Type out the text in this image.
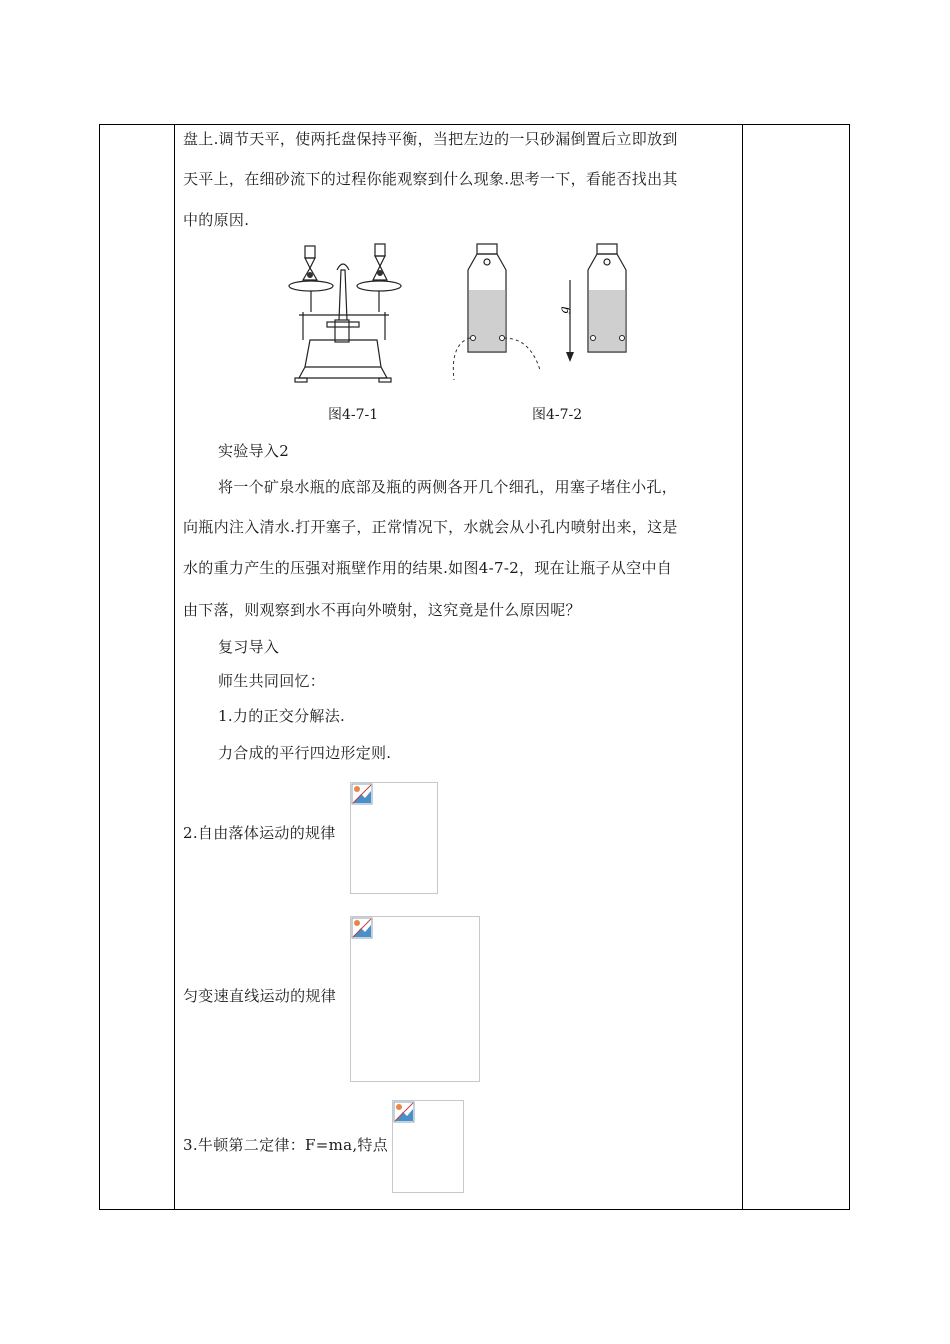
盘上.调节天平，使两托盘保持平衡，当把左边的一只砂漏倒置后立即放到
天平上，在细砂流下的过程你能观察到什么现象.思考一下，看能否找出其
中的原因.
g
图4-7-1	图4-7-2
实验导入2
将一个矿泉水瓶的底部及瓶的两侧各开几个细孔，用塞子堵住小孔，
向瓶内注入清水.打开塞子，正常情况下，水就会从小孔内喷射出来，这是
水的重力产生的压强对瓶壁作用的结果.如图4-7-2，现在让瓶子从空中自
由下落，则观察到水不再向外喷射，这究竟是什么原因呢？
复习导入
师生共同回忆：
1.力的正交分解法.
力合成的平行四边形定则.
2.自由落体运动的规律
匀变速直线运动的规律
3.牛顿第二定律：F=ma,特点
